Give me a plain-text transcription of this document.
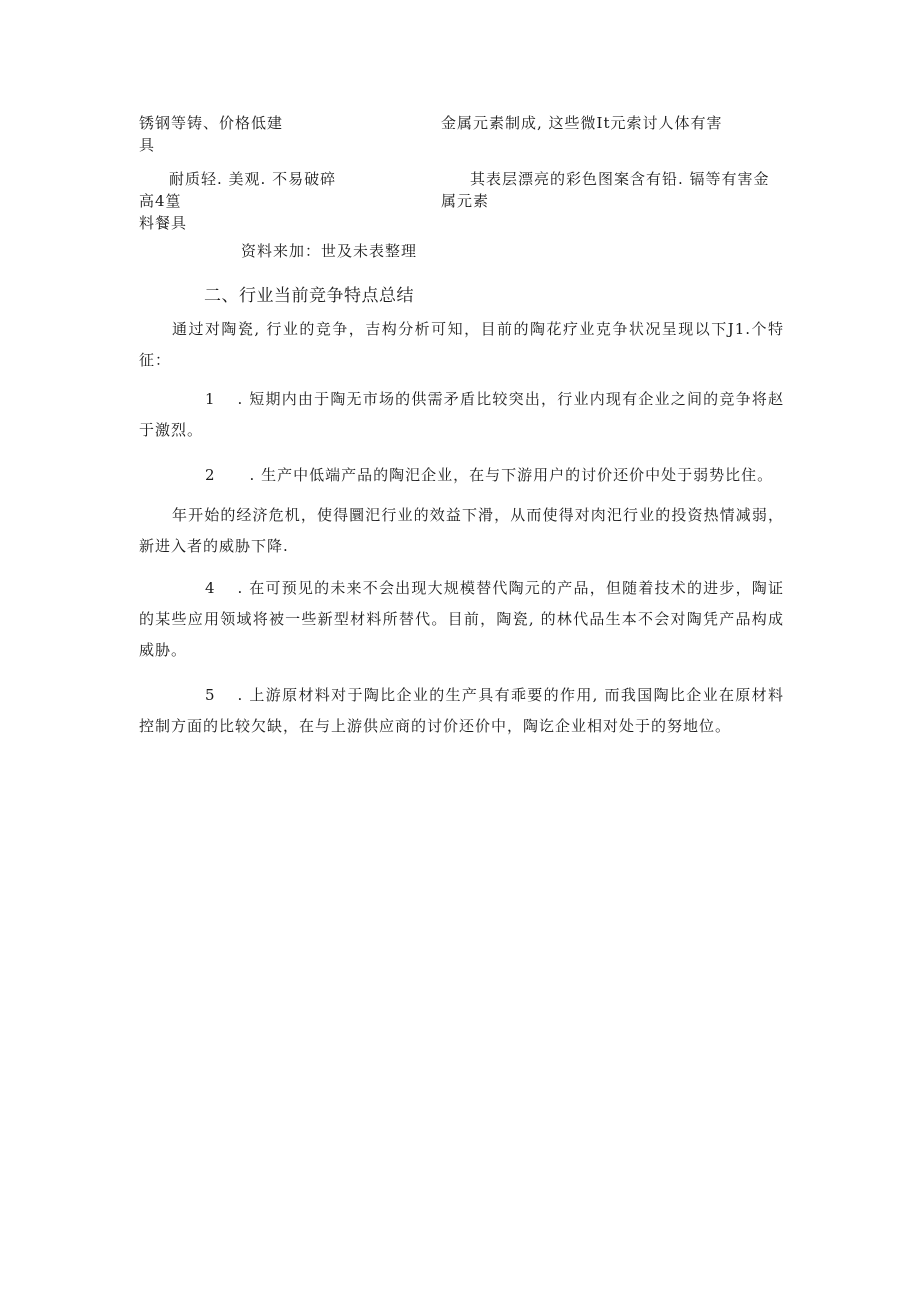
锈钢等铸、价格低建
具
金属元素制成, 这些微It元索讨人体有害
耐质轻. 美观. 不易破碎
高4篁
料餐具
其表层漂亮的彩色图案含有铅. 镉等有害金
属元素
资料来加：世及未表整理
二、行业当前竞争特点总结
通过对陶瓷, 行业的竞争，吉构分析可知，目前的陶花疗业克争状况呈现以下J1.个特征：
1 . 短期内由于陶无市场的供需矛盾比较突出，行业内现有企业之间的竞争将赵于激烈。
2 . 生产中低端产品的陶汜企业，在与下游用户的讨价还价中处于弱势比住。
年开始的经济危机，使得圜汜行业的效益下滑，从而使得对肉汜行业的投资热情减弱，新进入者的威胁下降.
4 . 在可预见的未来不会出现大规模替代陶元的产品，但随着技术的进步，陶证的某些应用领域将被一些新型材料所替代。目前，陶瓷, 的林代品生本不会对陶凭产品构成威胁。
5 . 上游原材料对于陶比企业的生产具有乖要的作用, 而我国陶比企业在原材料控制方面的比较欠缺，在与上游供应商的讨价还价中，陶讫企业相对处于的努地位。
